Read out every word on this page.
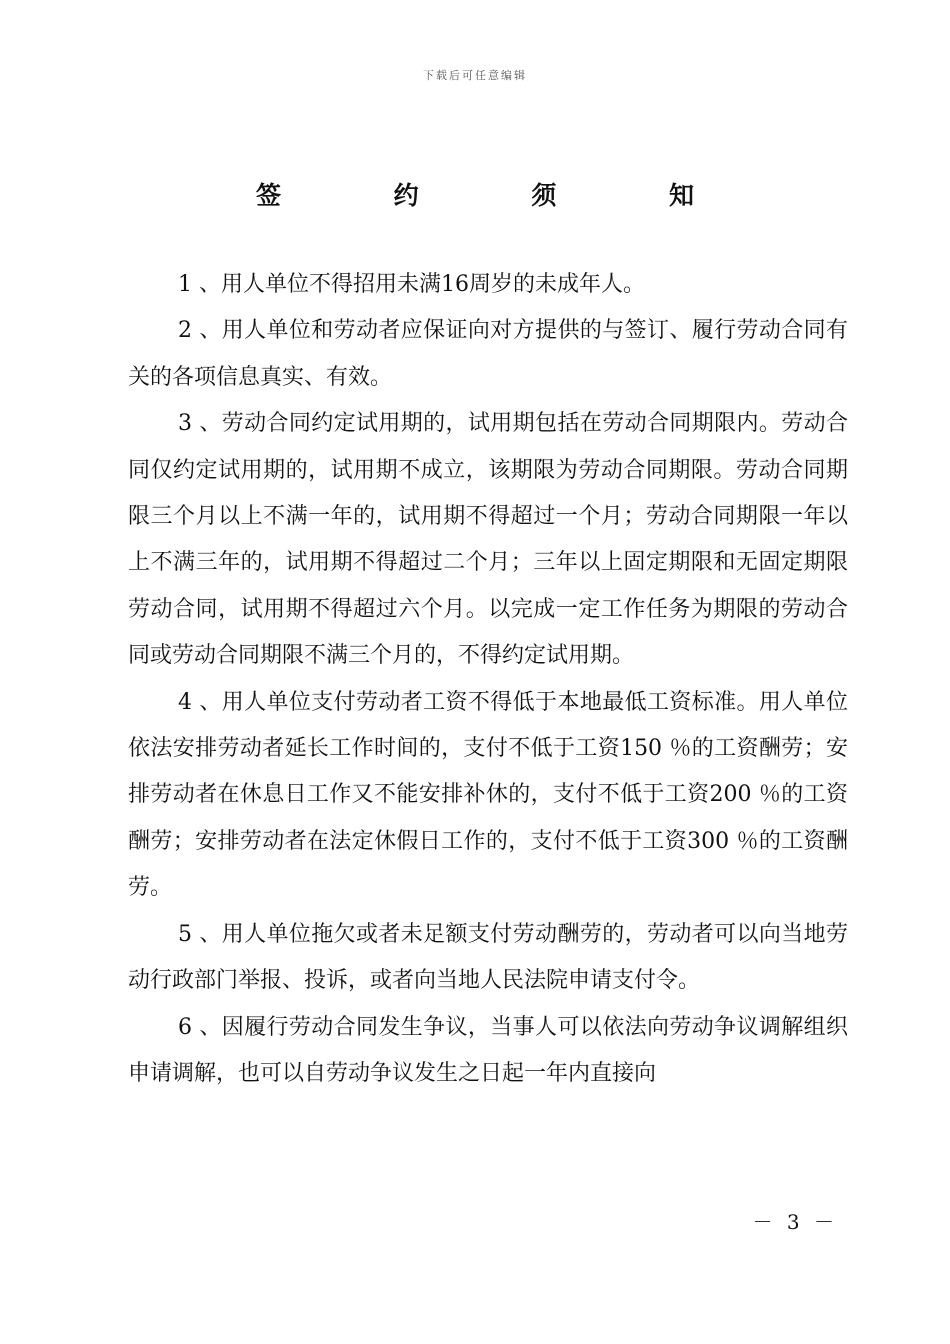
下载后可任意编辑
签 约 须 知

1 、用人单位不得招用未满16周岁的未成年人。

2 、用人单位和劳动者应保证向对方提供的与签订、履行劳动合同有关的各项信息真实、有效。

3 、劳动合同约定试用期的，试用期包括在劳动合同期限内。劳动合同仅约定试用期的，试用期不成立，该期限为劳动合同期限。劳动合同期限三个月以上不满一年的，试用期不得超过一个月；劳动合同期限一年以上不满三年的，试用期不得超过二个月；三年以上固定期限和无固定期限劳动合同，试用期不得超过六个月。以完成一定工作任务为期限的劳动合同或劳动合同期限不满三个月的，不得约定试用期。

4 、用人单位支付劳动者工资不得低于本地最低工资标准。用人单位依法安排劳动者延长工作时间的，支付不低于工资150 ％的工资酬劳；安排劳动者在休息日工作又不能安排补休的，支付不低于工资200 ％的工资酬劳；安排劳动者在法定休假日工作的，支付不低于工资300 ％的工资酬劳。

5 、用人单位拖欠或者未足额支付劳动酬劳的，劳动者可以向当地劳动行政部门举报、投诉，或者向当地人民法院申请支付令。

6 、因履行劳动合同发生争议，当事人可以依法向劳动争议调解组织申请调解，也可以自劳动争议发生之日起一年内直接向

－ 3 －
